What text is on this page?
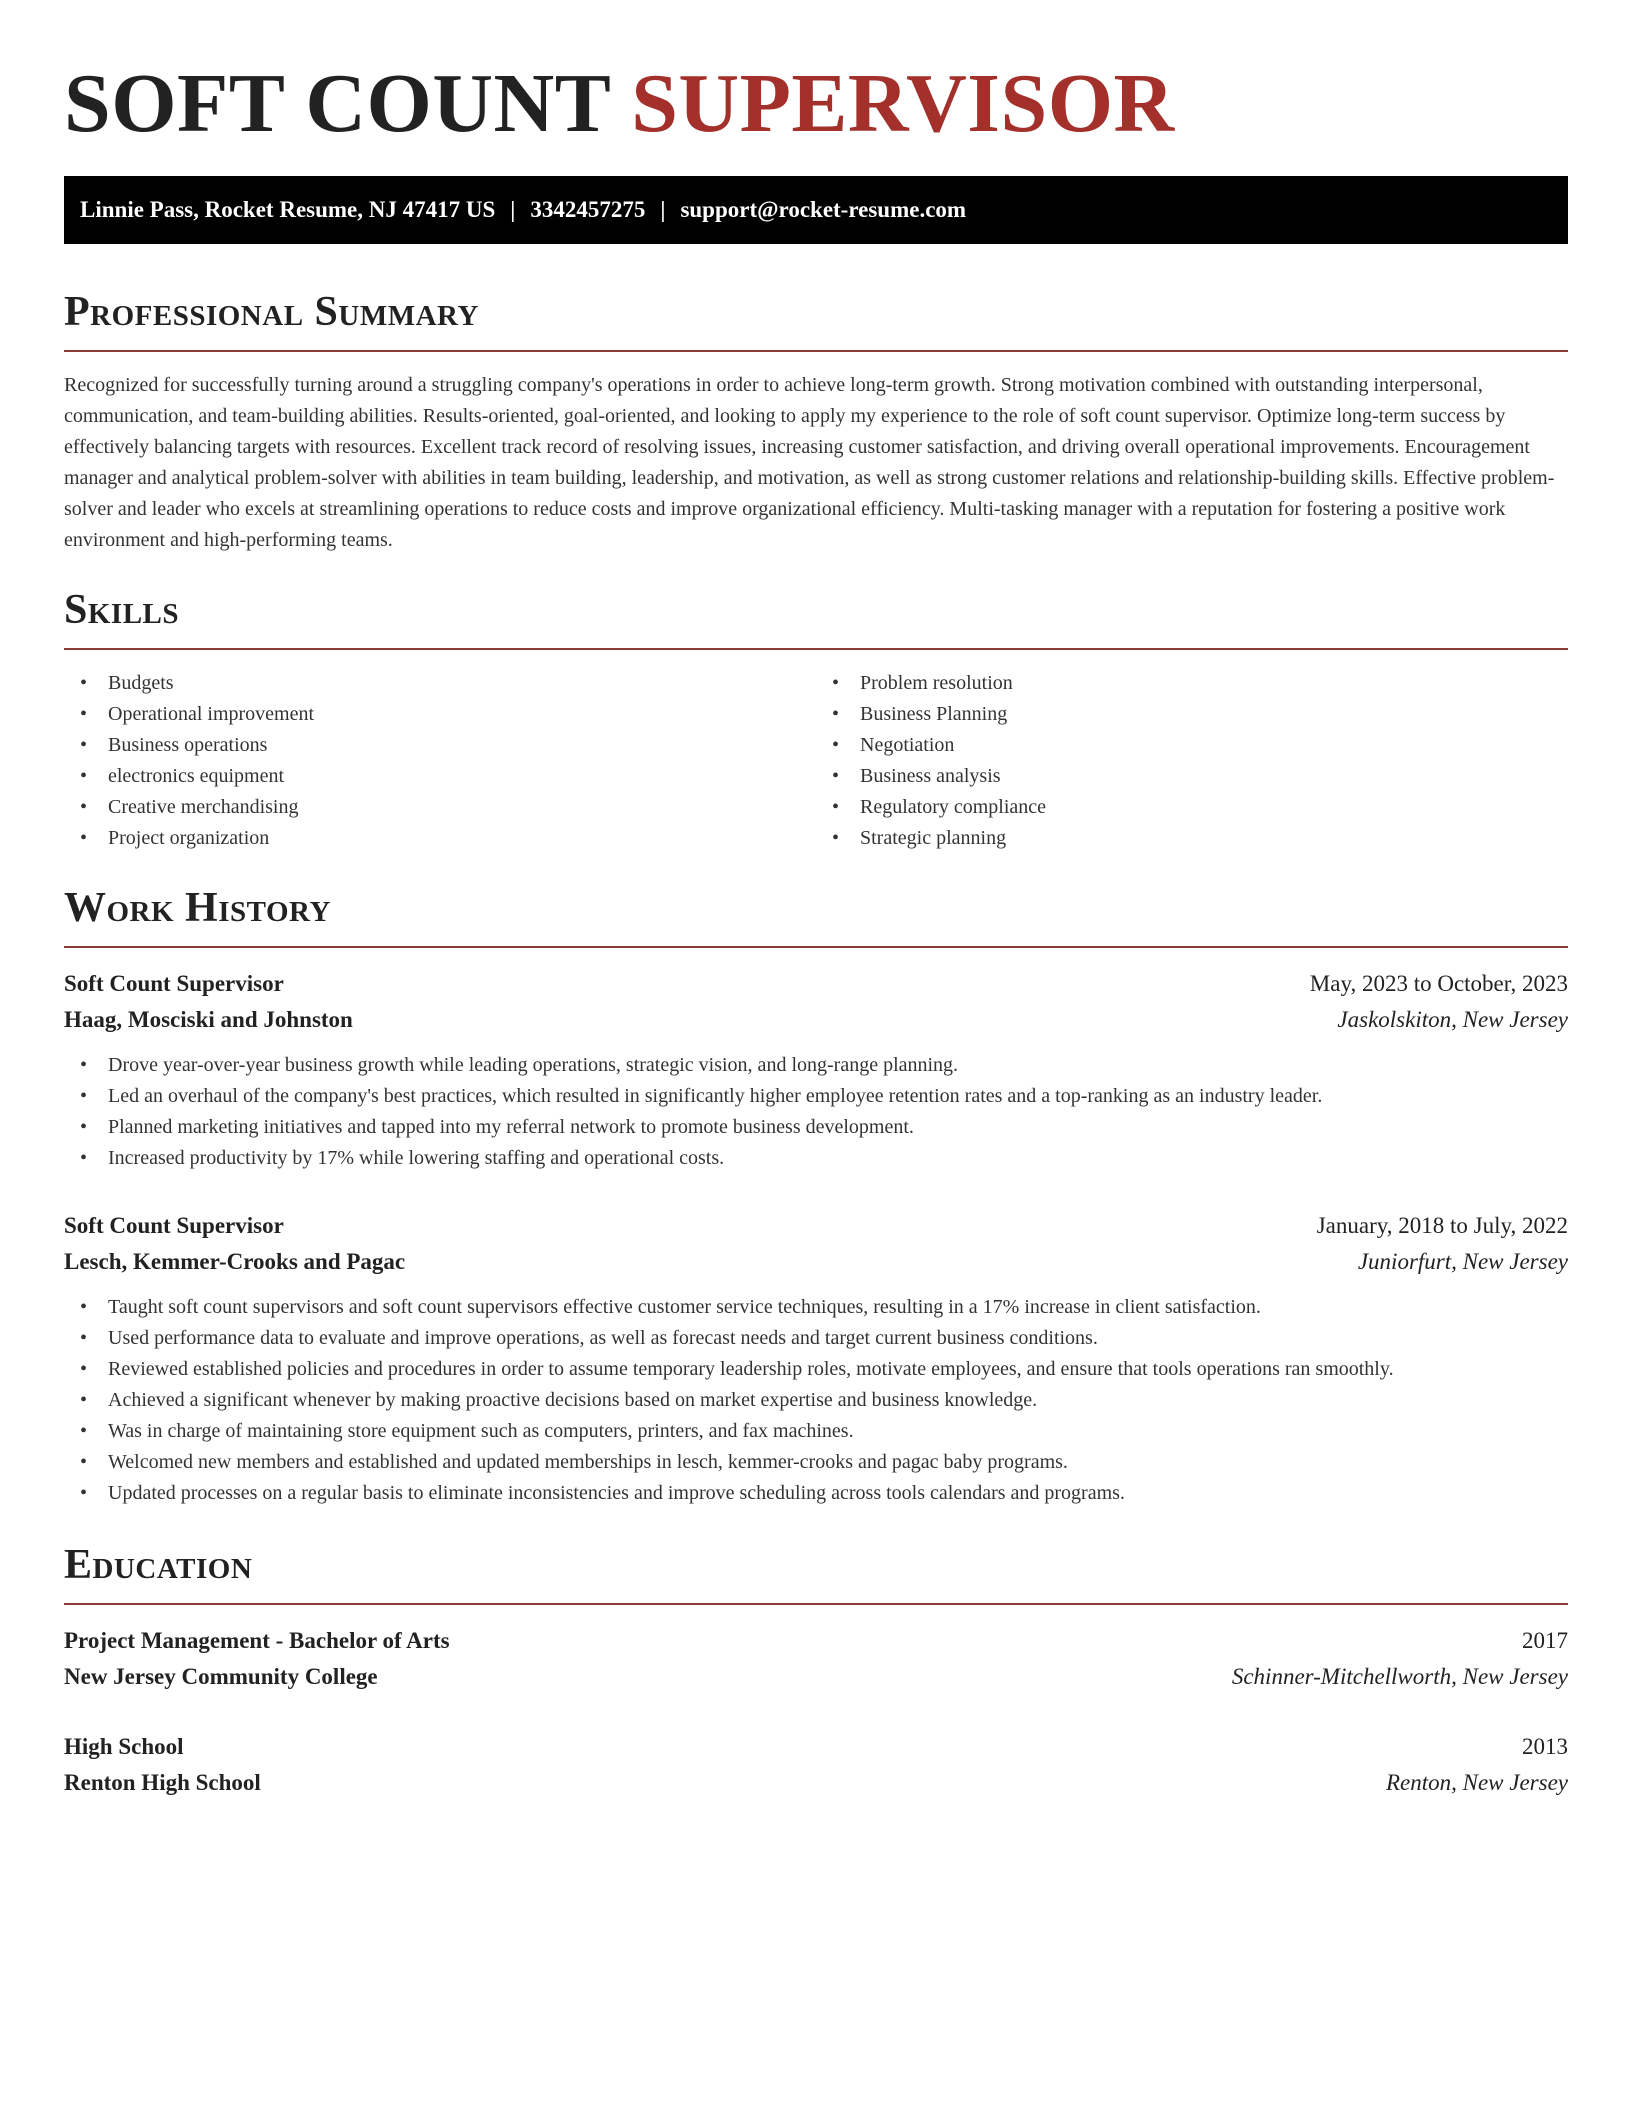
SOFT COUNT SUPERVISOR
Linnie Pass, Rocket Resume, NJ 47417 US | 3342457275 | support@rocket-resume.com
Professional Summary

Recognized for successfully turning around a struggling company's operations in order to achieve long-term growth. Strong motivation combined with outstanding interpersonal, communication, and team-building abilities. Results-oriented, goal-oriented, and looking to apply my experience to the role of soft count supervisor. Optimize long-term success by effectively balancing targets with resources. Excellent track record of resolving issues, increasing customer satisfaction, and driving overall operational improvements. Encouragement manager and analytical problem-solver with abilities in team building, leadership, and motivation, as well as strong customer relations and relationship-building skills. Effective problem-solver and leader who excels at streamlining operations to reduce costs and improve organizational efficiency. Multi-tasking manager with a reputation for fostering a positive work environment and high-performing teams.

Skills
• Budgets
• Operational improvement
• Business operations
• electronics equipment
• Creative merchandising
• Project organization
• Problem resolution
• Business Planning
• Negotiation
• Business analysis
• Regulatory compliance
• Strategic planning
Work History
Soft Count Supervisor	May, 2023 to October, 2023
Haag, Mosciski and Johnston	Jaskolskiton, New Jersey
• Drove year-over-year business growth while leading operations, strategic vision, and long-range planning.
• Led an overhaul of the company's best practices, which resulted in significantly higher employee retention rates and a top-ranking as an industry leader.
• Planned marketing initiatives and tapped into my referral network to promote business development.
• Increased productivity by 17% while lowering staffing and operational costs.
Soft Count Supervisor	January, 2018 to July, 2022
Lesch, Kemmer-Crooks and Pagac	Juniorfurt, New Jersey
• Taught soft count supervisors and soft count supervisors effective customer service techniques, resulting in a 17% increase in client satisfaction.
• Used performance data to evaluate and improve operations, as well as forecast needs and target current business conditions.
• Reviewed established policies and procedures in order to assume temporary leadership roles, motivate employees, and ensure that tools operations ran smoothly.
• Achieved a significant whenever by making proactive decisions based on market expertise and business knowledge.
• Was in charge of maintaining store equipment such as computers, printers, and fax machines.
• Welcomed new members and established and updated memberships in lesch, kemmer-crooks and pagac baby programs.
• Updated processes on a regular basis to eliminate inconsistencies and improve scheduling across tools calendars and programs.
Education
Project Management - Bachelor of Arts	2017
New Jersey Community College	Schinner-Mitchellworth, New Jersey
High School	2013
Renton High School	Renton, New Jersey
